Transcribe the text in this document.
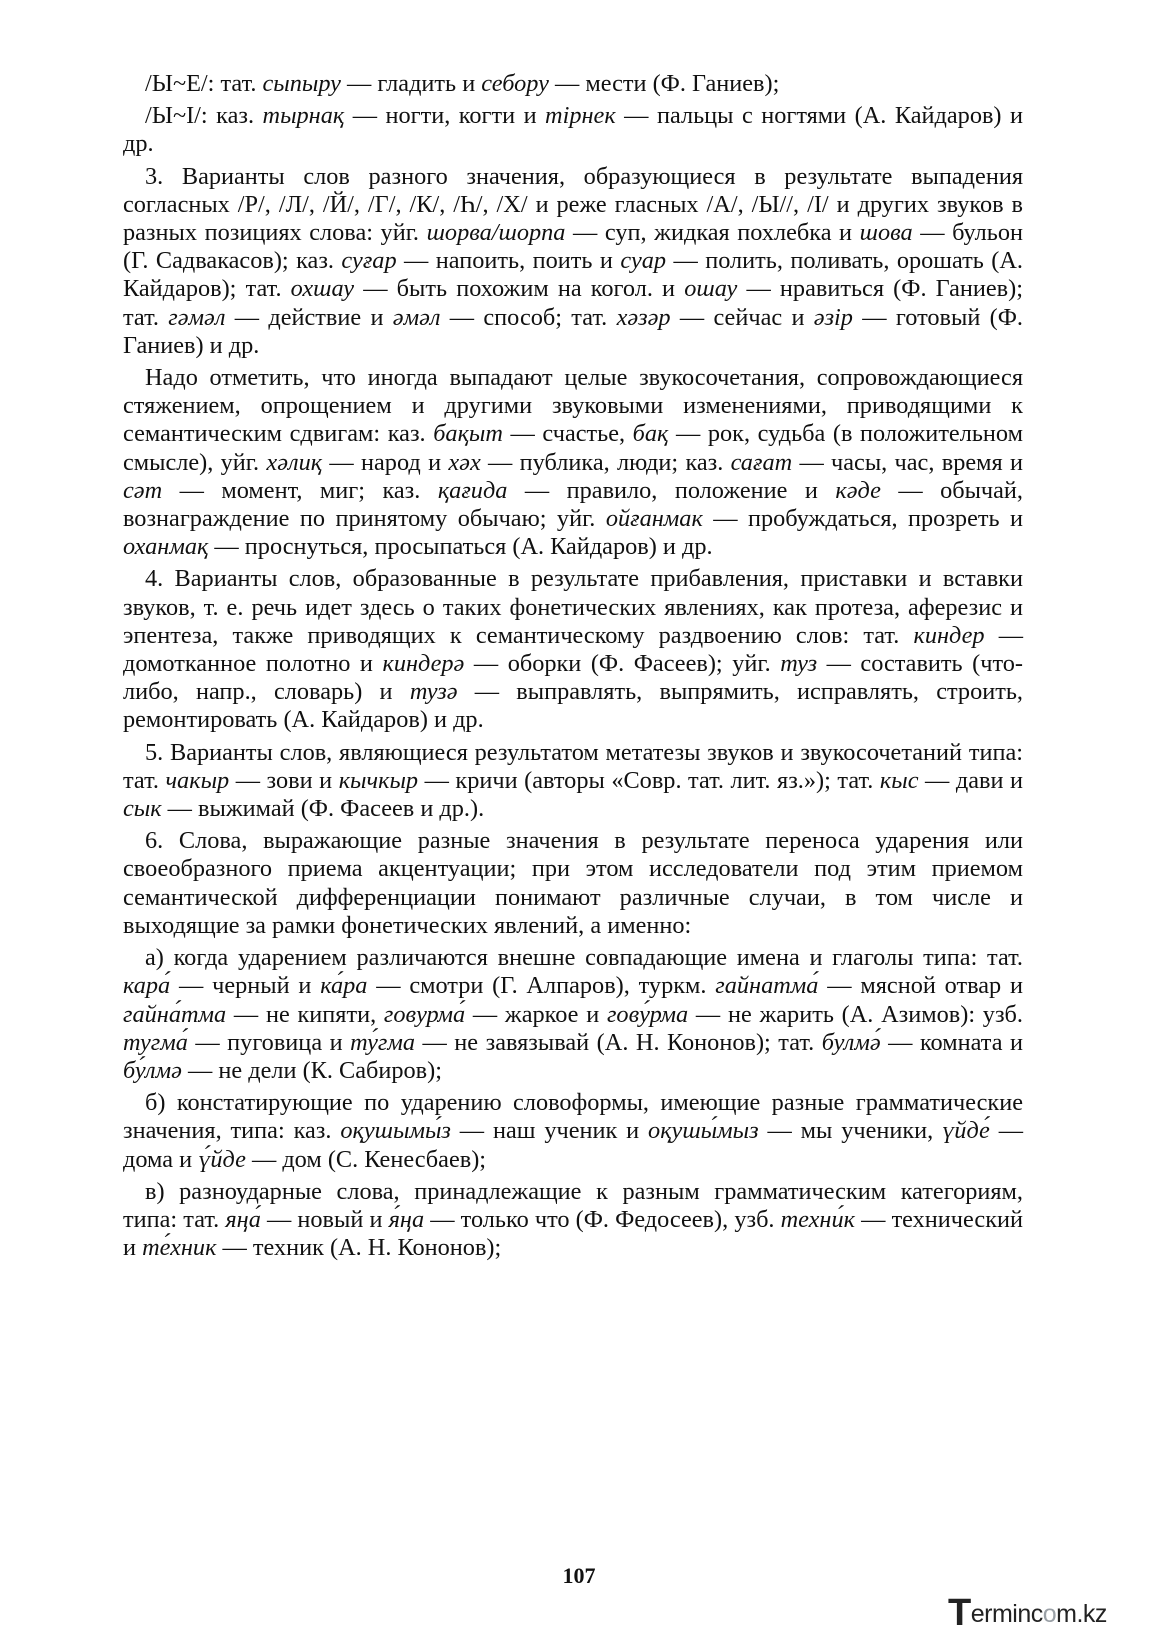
/Ы~Е/: тат. сыпыру — гладить и себору — мести (Ф. Ганиев);

/Ы~І/: каз. тырнақ — ногти, когти и тірнек — пальцы с ногтями (А. Кайдаров) и др.

3. Варианты слов разного значения, образующиеся в результате выпадения согласных /Р/, /Л/, /Й/, /Г/, /К/, /Һ/, /Х/ и реже гласных /А/, /Ы//, /І/ и других звуков в разных позициях слова: уйг. шорва/шорпа — суп, жидкая похлебка и шова — бульон (Г. Садвакасов); каз. суғар — напоить, поить и суар — полить, поливать, орошать (А. Кайдаров); тат. охшау — быть похожим на когол. и ошау — нравиться (Ф. Ганиев); тат. гәмәл — действие и әмәл — способ; тат. хәзәр — сейчас и әзір — готовый (Ф. Ганиев) и др.

Надо отметить, что иногда выпадают целые звукосочетания, сопровождающиеся стяжением, опрощением и другими звуковыми изменениями, приводящими к семантическим сдвигам: каз. бақыт — счастье, бақ — рок, судьба (в положительном смысле), уйг. хәлиқ — народ и хәх — публика, люди; каз. сағат — часы, час, время и сәт — момент, миг; каз. қағида — правило, положение и кәде — обычай, вознаграждение по принятому обычаю; уйг. ойғанмак — пробуждаться, прозреть и оханмақ — проснуться, просыпаться (А. Кайдаров) и др.

4. Варианты слов, образованные в результате прибавления, приставки и вставки звуков, т. е. речь идет здесь о таких фонетических явлениях, как протеза, аферезис и эпентеза, также приводящих к семантическому раздвоению слов: тат. киндер — домотканное полотно и киндерә — оборки (Ф. Фасеев); уйг. туз — составить (что-либо, напр., словарь) и тузә — выправлять, выпрямить, исправлять, строить, ремонтировать (А. Кайдаров) и др.

5. Варианты слов, являющиеся результатом метатезы звуков и звукосочетаний типа: тат. чакыр — зови и кычкыр — кричи (авторы «Совр. тат. лит. яз.»); тат. кыс — дави и сык — выжимай (Ф. Фасеев и др.).

6. Слова, выражающие разные значения в результате переноса ударения или своеобразного приема акцентуации; при этом исследователи под этим приемом семантической дифференциации понимают различные случаи, в том числе и выходящие за рамки фонетических явлений, а именно:

а) когда ударением различаются внешне совпадающие имена и глаголы типа: тат. кара́ — черный и ка́ра — смотри (Г. Алпаров), туркм. гайнатма́ — мясной отвар и гайна́тма — не кипяти, говурма́ — жаркое и гову́рма — не жарить (А. Азимов): узб. тугма́ — пуговица и ту́гма — не завязывай (А. Н. Кононов); тат. булмә́ — комната и бу́лмә — не дели (К. Сабиров);

б) констатирующие по ударению словоформы, имеющие разные грамматические значения, типа: каз. оқушымы́з — наш ученик и оқушы́мыз — мы ученики, үйде́ — дома и ү́йде — дом (С. Кенесбаев);

в) разноударные слова, принадлежащие к разным грамматическим категориям, типа: тат. яңа́ — новый и я́ңа — только что (Ф. Федосеев), узб. техни́к — технический и те́хник — техник (А. Н. Кононов);

107
Termincom.kz
